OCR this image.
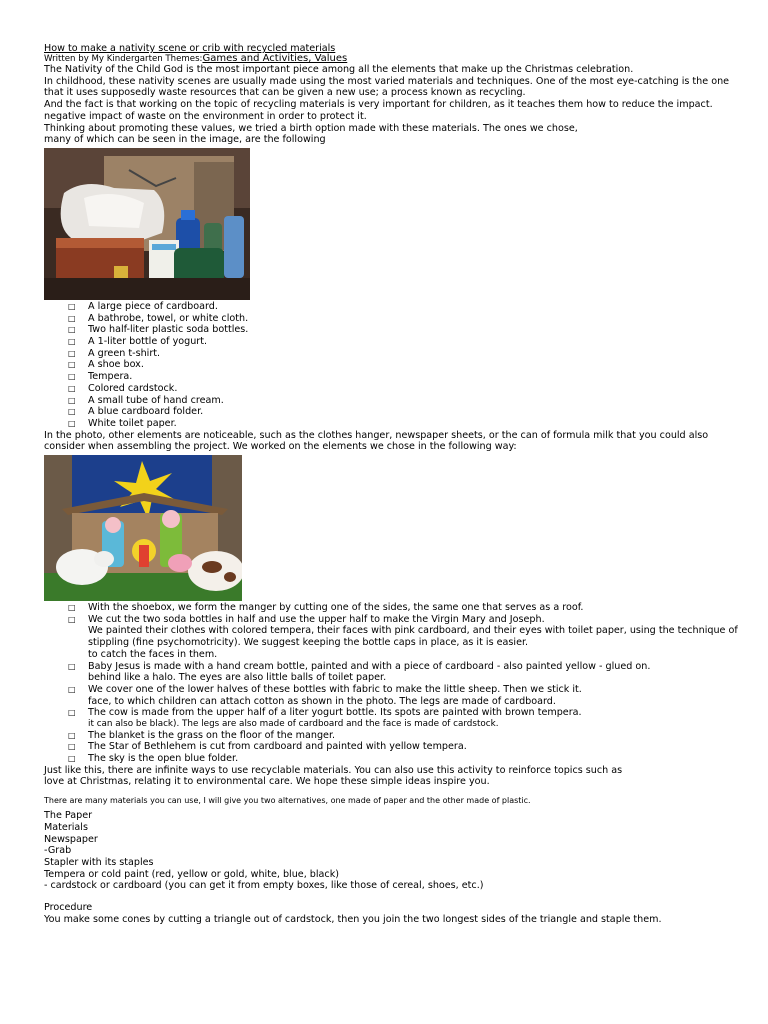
How to make a nativity scene or crib with recycled materials
Written by My Kindergarten Themes:Games and Activities, Values

The Nativity of the Child God is the most important piece among all the elements that make up the Christmas celebration.

In childhood, these nativity scenes are usually made using the most varied materials and techniques. One of the most eye-catching is the one that it uses supposedly waste resources that can be given a new use; a process known as recycling.

And the fact is that working on the topic of recycling materials is very important for children, as it teaches them how to reduce the impact. negative impact of waste on the environment in order to protect it.

Thinking about promoting these values, we tried a birth option made with these materials. The ones we chose,

many of which can be seen in the image, are the following

□ A large piece of cardboard.
□ A bathrobe, towel, or white cloth.
□ Two half-liter plastic soda bottles.
□ A 1-liter bottle of yogurt.
□ A green t-shirt.
□ A shoe box.
□ Tempera.
□ Colored cardstock.
□ A small tube of hand cream.
□ A blue cardboard folder.
□ White toilet paper.

In the photo, other elements are noticeable, such as the clothes hanger, newspaper sheets, or the can of formula milk that you could also consider when assembling the project. We worked on the elements we chose in the following way:

□ With the shoebox, we form the manger by cutting one of the sides, the same one that serves as a roof.
□ We cut the two soda bottles in half and use the upper half to make the Virgin Mary and Joseph.
We painted their clothes with colored tempera, their faces with pink cardboard, and their eyes with toilet paper, using the technique of stippling (fine psychomotricity). We suggest keeping the bottle caps in place, as it is easier.
to catch the faces in them.
□ Baby Jesus is made with a hand cream bottle, painted and with a piece of cardboard - also painted yellow - glued on.
behind like a halo. The eyes are also little balls of toilet paper.
□ We cover one of the lower halves of these bottles with fabric to make the little sheep. Then we stick it.
face, to which children can attach cotton as shown in the photo. The legs are made of cardboard.
□ The cow is made from the upper half of a liter yogurt bottle. Its spots are painted with brown tempera.
it can also be black). The legs are also made of cardboard and the face is made of cardstock.
□ The blanket is the grass on the floor of the manger.
□ The Star of Bethlehem is cut from cardboard and painted with yellow tempera.
□ The sky is the open blue folder.

Just like this, there are infinite ways to use recyclable materials. You can also use this activity to reinforce topics such as

love at Christmas, relating it to environmental care. We hope these simple ideas inspire you.

There are many materials you can use, I will give you two alternatives, one made of paper and the other made of plastic.

The Paper

Materials

Newspaper

-Grab

Stapler with its staples

Tempera or cold paint (red, yellow or gold, white, blue, black)

- cardstock or cardboard (you can get it from empty boxes, like those of cereal, shoes, etc.)

Procedure

You make some cones by cutting a triangle out of cardstock, then you join the two longest sides of the triangle and staple them.
